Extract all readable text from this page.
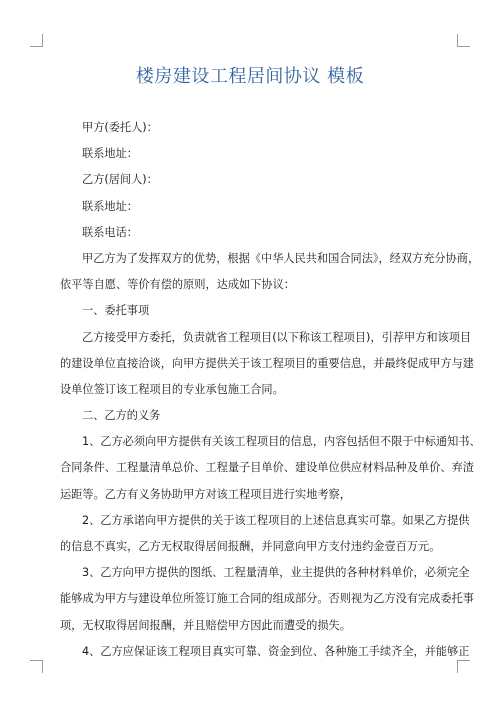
楼房建设工程居间协议 模板
甲方(委托人)：
联系地址：
乙方(居间人)：
联系地址：
联系电话：
甲乙方为了发挥双方的优势，根据《中华人民共和国合同法》，经双方充分协商，
依平等自愿、等价有偿的原则，达成如下协议：
一、委托事项
乙方接受甲方委托，负责就省工程项目(以下称该工程项目)，引荐甲方和该项目
的建设单位直接洽谈，向甲方提供关于该工程项目的重要信息，并最终促成甲方与建
设单位签订该工程项目的专业承包施工合同。
二、乙方的义务
1、乙方必须向甲方提供有关该工程项目的信息，内容包括但不限于中标通知书、
合同条件、工程量清单总价、工程量子目单价、建设单位供应材料品种及单价、弃渣
运距等。乙方有义务协助甲方对该工程项目进行实地考察，
2、乙方承诺向甲方提供的关于该工程项目的上述信息真实可靠。如果乙方提供
的信息不真实，乙方无权取得居间报酬，并同意向甲方支付违约金壹百万元。
3、乙方向甲方提供的图纸、工程量清单，业主提供的各种材料单价，必须完全
能够成为甲方与建设单位所签订施工合同的组成部分。否则视为乙方没有完成委托事
项，无权取得居间报酬，并且赔偿甲方因此而遭受的损失。
4、乙方应保证该工程项目真实可靠、资金到位、各种施工手续齐全，并能够正
